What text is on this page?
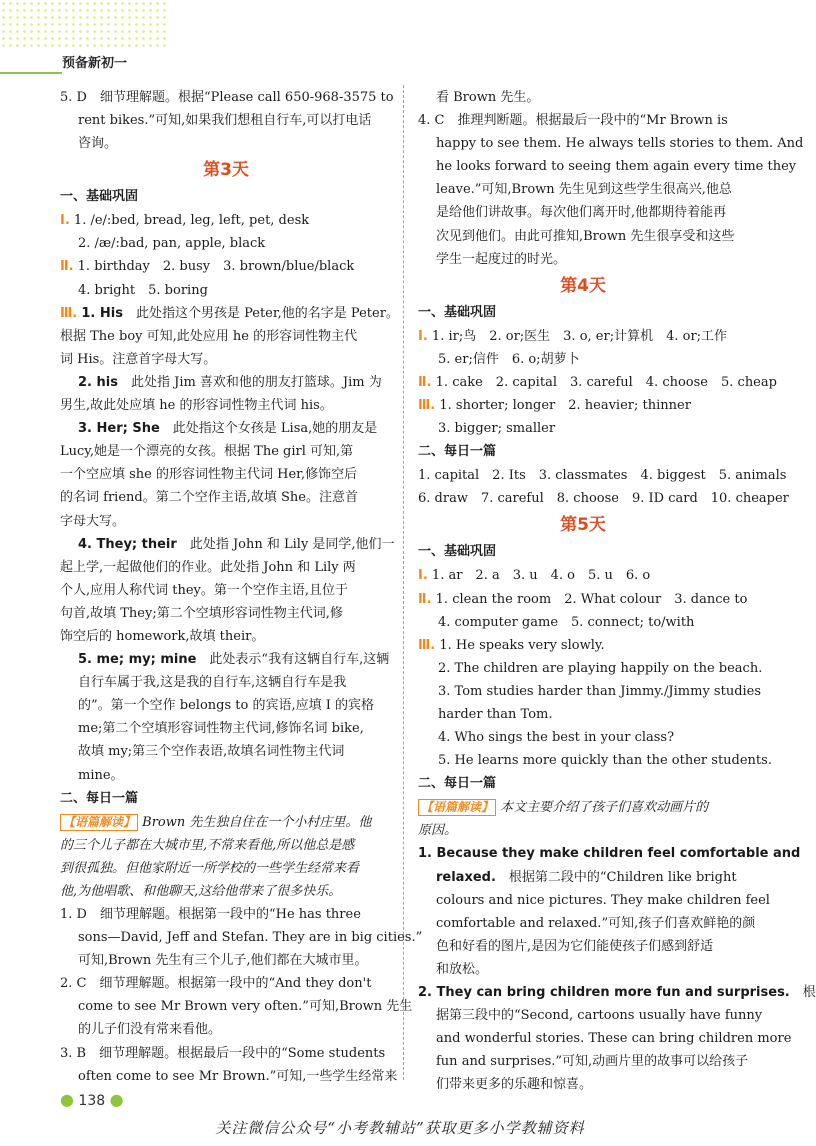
预备新初一

5. D　细节理解题。根据“Please call 650-968-3575 to

rent bikes.”可知,如果我们想租自行车,可以打电话

咨询。

第3天
一、基础巩固

Ⅰ. 1. /e/:bed, bread, leg, left, pet, desk

2. /æ/:bad, pan, apple, black

Ⅱ. 1. birthday　2. busy　3. brown/blue/black

4. bright　5. boring

Ⅲ. 1. His　此处指这个男孩是 Peter,他的名字是 Peter。

根据 The boy 可知,此处应用 he 的形容词性物主代

词 His。注意首字母大写。

2. his　此处指 Jim 喜欢和他的朋友打篮球。Jim 为

男生,故此处应填 he 的形容词性物主代词 his。

3. Her; She　此处指这个女孩是 Lisa,她的朋友是

Lucy,她是一个漂亮的女孩。根据 The girl 可知,第

一个空应填 she 的形容词性物主代词 Her,修饰空后

的名词 friend。第二个空作主语,故填 She。注意首

字母大写。

4. They; their　此处指 John 和 Lily 是同学,他们一

起上学,一起做他们的作业。此处指 John 和 Lily 两

个人,应用人称代词 they。第一个空作主语,且位于

句首,故填 They;第二个空填形容词性物主代词,修

饰空后的 homework,故填 their。

5. me; my; mine　此处表示“我有这辆自行车,这辆

自行车属于我,这是我的自行车,这辆自行车是我

的”。第一个空作 belongs to 的宾语,应填 I 的宾格

me;第二个空填形容词性物主代词,修饰名词 bike,

故填 my;第三个空作表语,故填名词性物主代词

mine。

二、每日一篇

【语篇解读】 Brown 先生独自住在一个小村庄里。他

的三个儿子都在大城市里,不常来看他,所以他总是感

到很孤独。但他家附近一所学校的一些学生经常来看

他,为他唱歌、和他聊天,这给他带来了很多快乐。

1. D　细节理解题。根据第一段中的“He has three

sons—David, Jeff and Stefan. They are in big cities.”

可知,Brown 先生有三个儿子,他们都在大城市里。

2. C　细节理解题。根据第一段中的“And they don't

come to see Mr Brown very often.”可知,Brown 先生

的儿子们没有常来看他。

3. B　细节理解题。根据最后一段中的“Some students

often come to see Mr Brown.”可知,一些学生经常来

看 Brown 先生。

4. C　推理判断题。根据最后一段中的“Mr Brown is

happy to see them. He always tells stories to them. And

he looks forward to seeing them again every time they

leave.”可知,Brown 先生见到这些学生很高兴,他总

是给他们讲故事。每次他们离开时,他都期待着能再

次见到他们。由此可推知,Brown 先生很享受和这些

学生一起度过的时光。

第4天
一、基础巩固

Ⅰ. 1. ir;鸟　2. or;医生　3. o, er;计算机　4. or;工作

5. er;信件　6. o;胡萝卜

Ⅱ. 1. cake　2. capital　3. careful　4. choose　5. cheap

Ⅲ. 1. shorter; longer　2. heavier; thinner

3. bigger; smaller

二、每日一篇

1. capital　2. Its　3. classmates　4. biggest　5. animals

6. draw　7. careful　8. choose　9. ID card　10. cheaper

第5天
一、基础巩固

Ⅰ. 1. ar　2. a　3. u　4. o　5. u　6. o

Ⅱ. 1. clean the room　2. What colour　3. dance to

4. computer game　5. connect; to/with

Ⅲ. 1. He speaks very slowly.

2. The children are playing happily on the beach.

3. Tom studies harder than Jimmy./Jimmy studies

harder than Tom.

4. Who sings the best in your class?

5. He learns more quickly than the other students.

二、每日一篇

【语篇解读】 本文主要介绍了孩子们喜欢动画片的

原因。

1. Because they make children feel comfortable and

relaxed.　根据第二段中的“Children like bright

colours and nice pictures. They make children feel

comfortable and relaxed.”可知,孩子们喜欢鲜艳的颜

色和好看的图片,是因为它们能使孩子们感到舒适

和放松。

2. They can bring children more fun and surprises.　根

据第三段中的“Second, cartoons usually have funny

and wonderful stories. These can bring children more

fun and surprises.”可知,动画片里的故事可以给孩子

们带来更多的乐趣和惊喜。

● 138 ●
关注微信公众号“小考教辅站”获取更多小学教辅资料
